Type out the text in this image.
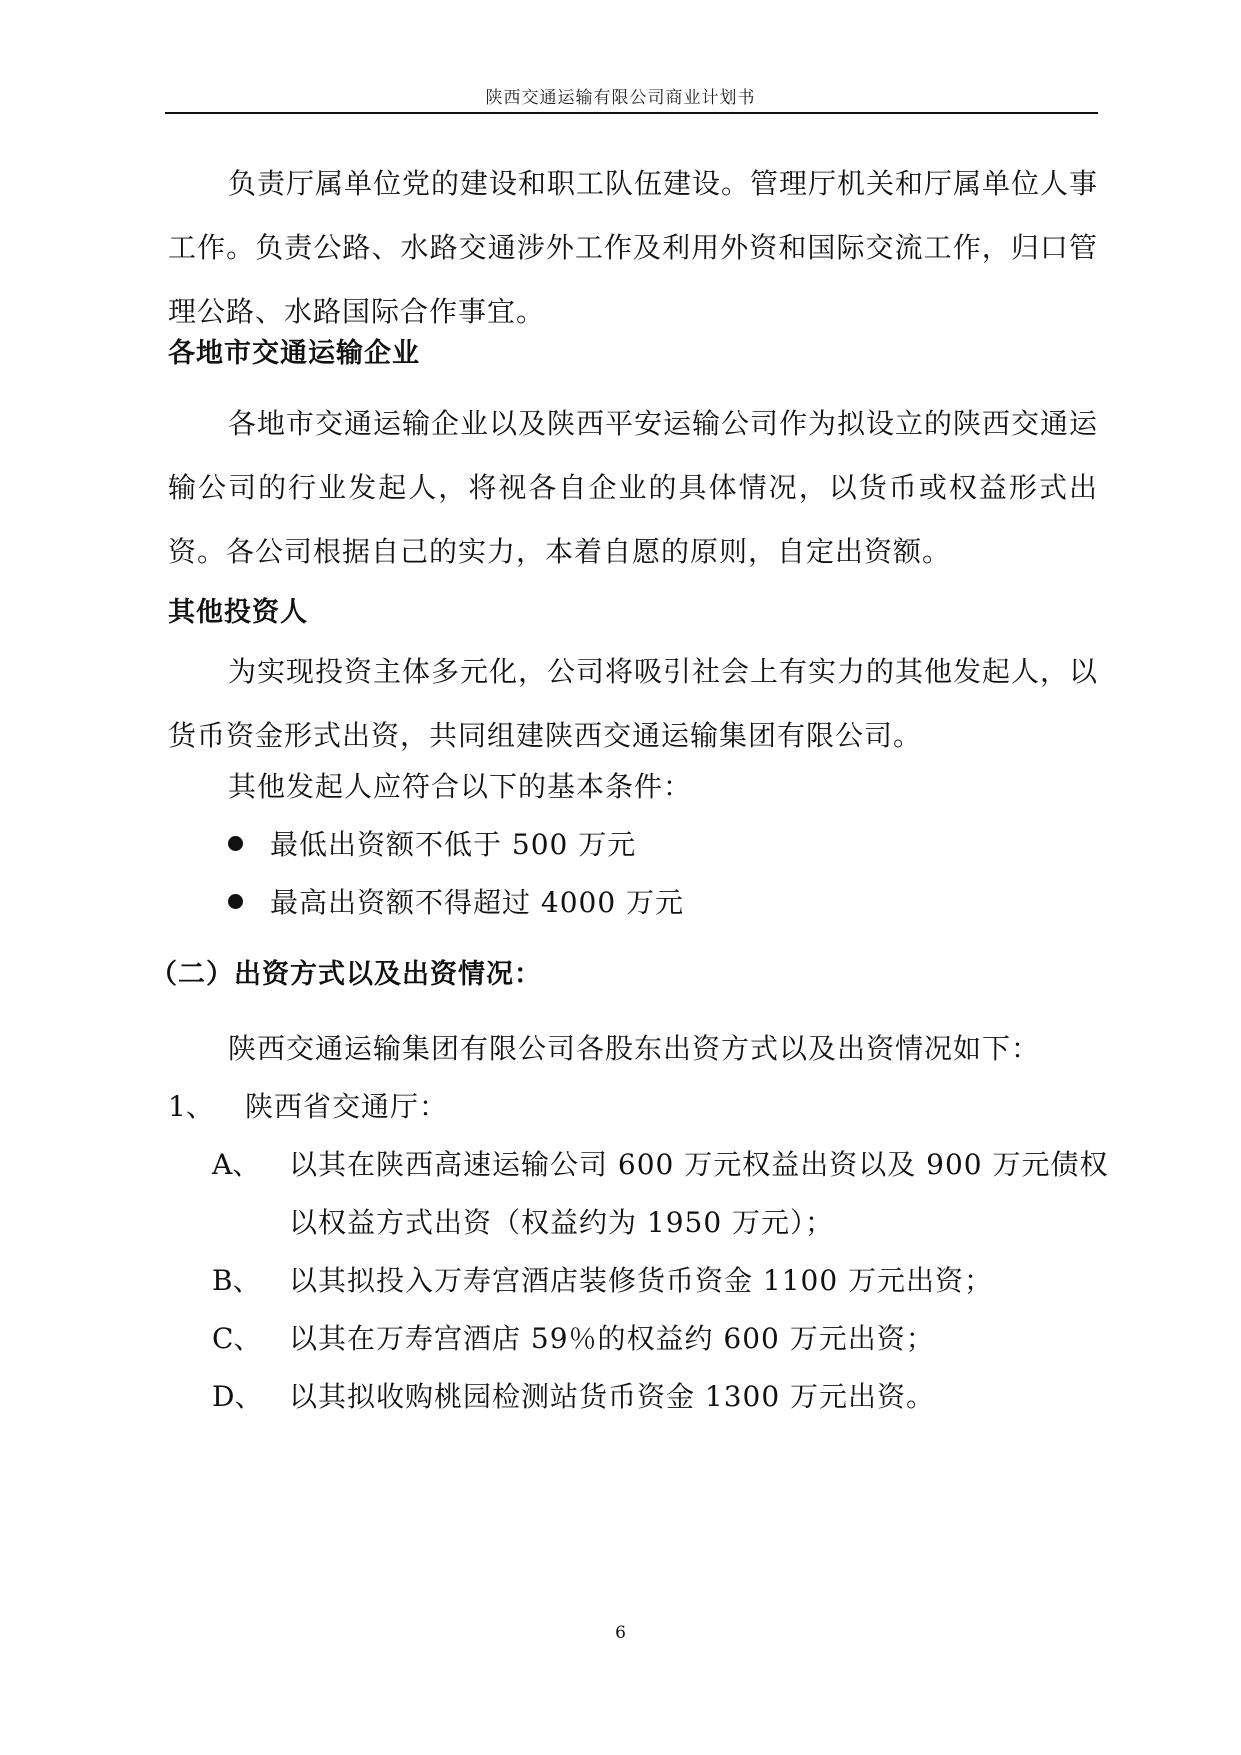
陕西交通运输有限公司商业计划书
负责厅属单位党的建设和职工队伍建设。管理厅机关和厅属单位人事工作。负责公路、水路交通涉外工作及利用外资和国际交流工作，归口管理公路、水路国际合作事宜。
各地市交通运输企业
各地市交通运输企业以及陕西平安运输公司作为拟设立的陕西交通运输公司的行业发起人，将视各自企业的具体情况，以货币或权益形式出资。各公司根据自己的实力，本着自愿的原则，自定出资额。
其他投资人
为实现投资主体多元化，公司将吸引社会上有实力的其他发起人，以货币资金形式出资，共同组建陕西交通运输集团有限公司。
其他发起人应符合以下的基本条件：
最低出资额不低于 500 万元
最高出资额不得超过 4000 万元
（二）出资方式以及出资情况：
陕西交通运输集团有限公司各股东出资方式以及出资情况如下：
1、 陕西省交通厅：
A、 以其在陕西高速运输公司 600 万元权益出资以及 900 万元债权
以权益方式出资（权益约为 1950 万元）；
B、 以其拟投入万寿宫酒店装修货币资金 1100 万元出资；
C、 以其在万寿宫酒店 59％的权益约 600 万元出资；
D、 以其拟收购桃园检测站货币资金 1300 万元出资。
6
